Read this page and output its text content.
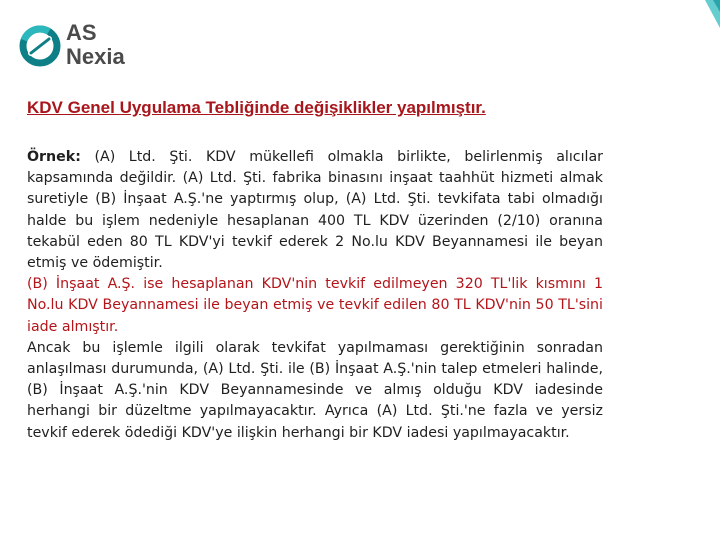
AS
Nexia
KDV Genel Uygulama Tebliğinde değişiklikler yapılmıştır.

Örnek: (A) Ltd. Şti. KDV mükellefi olmakla birlikte, belirlenmiş alıcılar kapsamında değildir. (A) Ltd. Şti. fabrika binasını inşaat taahhüt hizmeti almak suretiyle (B) İnşaat A.Ş.'ne yaptırmış olup, (A) Ltd. Şti. tevkifata tabi olmadığı halde bu işlem nedeniyle hesaplanan 400 TL KDV üzerinden (2/10) oranına tekabül eden 80 TL KDV'yi tevkif ederek 2 No.lu KDV Beyannamesi ile beyan etmiş ve ödemiştir.

(B) İnşaat A.Ş. ise hesaplanan KDV'nin tevkif edilmeyen 320 TL'lik kısmını 1 No.lu KDV Beyannamesi ile beyan etmiş ve tevkif edilen 80 TL KDV'nin 50 TL'sini iade almıştır.

Ancak bu işlemle ilgili olarak tevkifat yapılmaması gerektiğinin sonradan anlaşılması durumunda, (A) Ltd. Şti. ile (B) İnşaat A.Ş.'nin talep etmeleri halinde, (B) İnşaat A.Ş.'nin KDV Beyannamesinde ve almış olduğu KDV iadesinde herhangi bir düzeltme yapılmayacaktır. Ayrıca (A) Ltd. Şti.'ne fazla ve yersiz tevkif ederek ödediği KDV'ye ilişkin herhangi bir KDV iadesi yapılmayacaktır.
